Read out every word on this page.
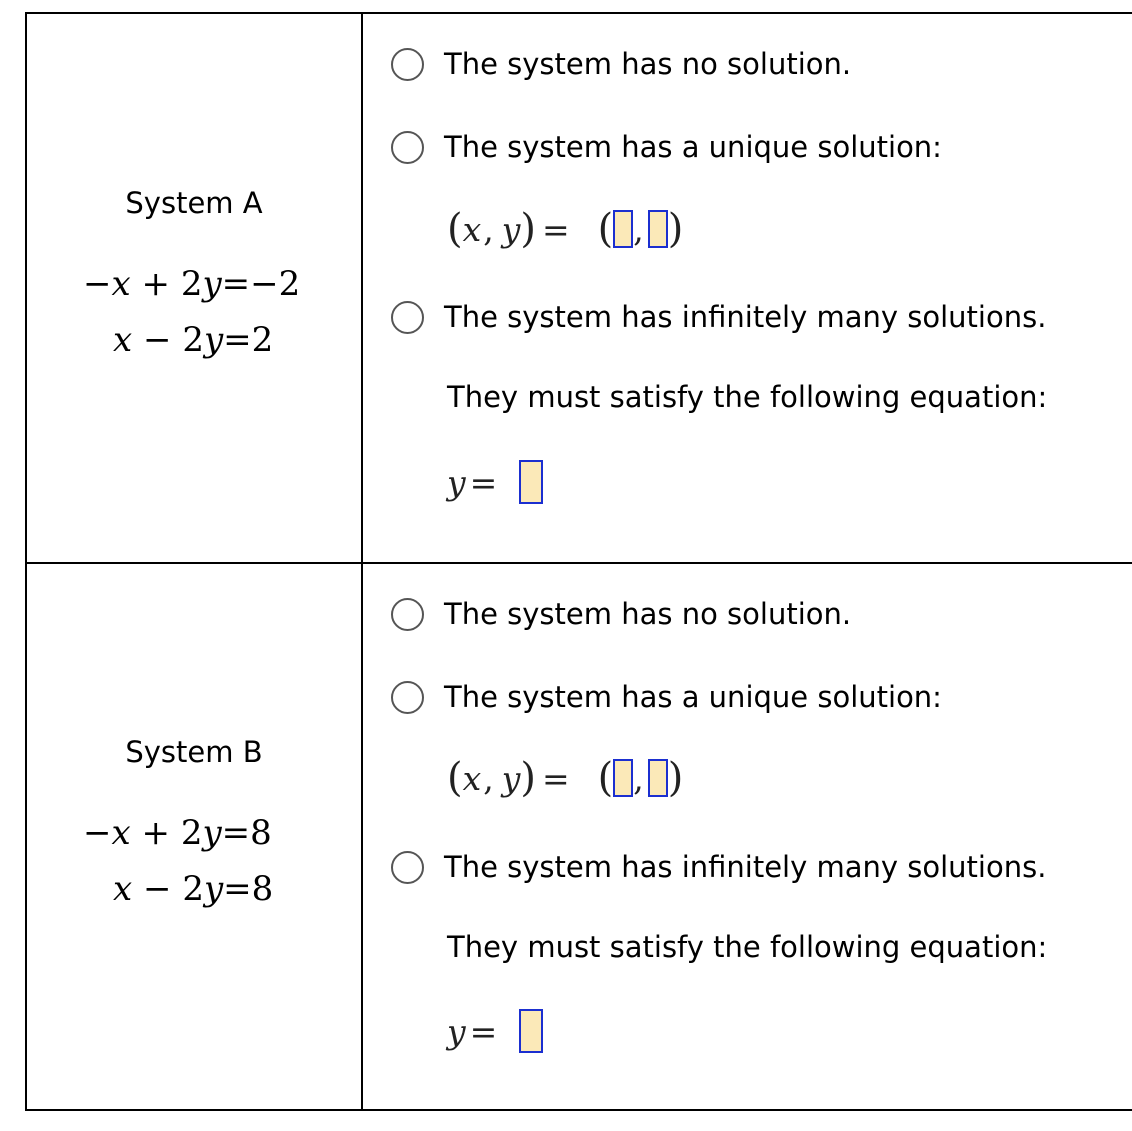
System A
−x + 2y=−2
x − 2y=2
The system has no solution.
The system has a unique solution:
( x , y ) = ( , )
The system has infinitely many solutions.
They must satisfy the following equation:
y =
System B
−x + 2y=8
x − 2y=8
The system has no solution.
The system has a unique solution:
( x , y ) = ( , )
The system has infinitely many solutions.
They must satisfy the following equation:
y =
